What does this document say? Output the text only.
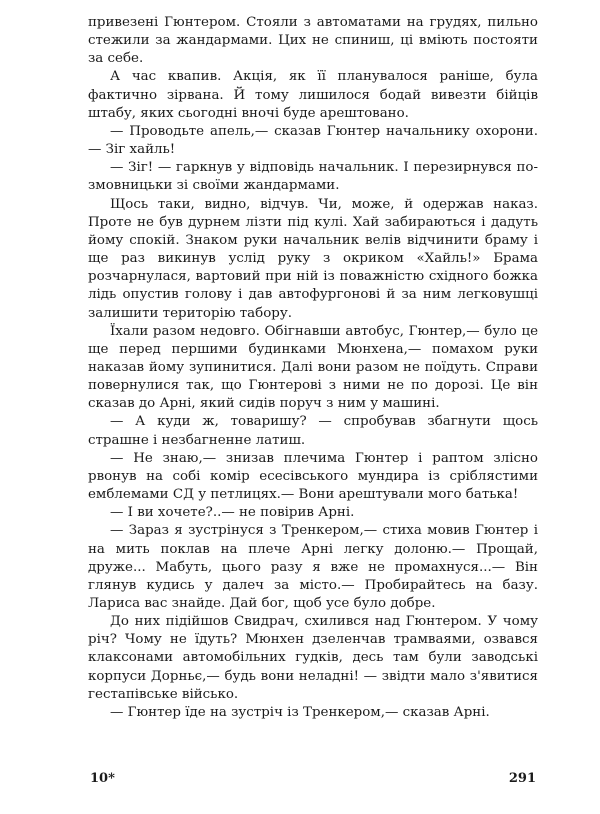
привезені Гюнтером. Стояли з автоматами на грудях, пильно стежили за жандармами. Цих не спиниш, ці вміють постояти за себе.

А час квапив. Акція, як її планувалося раніше, була фактично зірвана. Й тому лишилося бодай вивезти бійців штабу, яких сьогодні вночі буде арештовано.

— Проводьте апель,— сказав Гюнтер начальнику охорони.— Зіг хайль!

— Зіг! — гаркнув у відповідь начальник. І перезирнувся по-змовницьки зі своїми жандармами.

Щось таки, видно, відчув. Чи, може, й одержав наказ. Проте не був дурнем лізти під кулі. Хай забираються і дадуть йому спокій. Знаком руки начальник велів відчинити браму і ще раз викинув услід руку з окриком «Хайль!» Брама розчарнулася, вартовий при ній із поважністю східного божка лідь опустив голову і дав автофургонові й за ним легковушці залишити територію табору.

Їхали разом недовго. Обігнавши автобус, Гюнтер,— було це ще перед першими будинками Мюнхена,— помахом руки наказав йому зупинитися. Далі вони разом не поїдуть. Справи повернулися так, що Гюнтерові з ними не по дорозі. Це він сказав до Арні, який сидів поруч з ним у машині.

— А куди ж, товаришу? — спробував збагнути щось страшне і незбагненне латиш.

— Не знаю,— знизав плечима Гюнтер і раптом злісно рвонув на собі комір есесівського мундира із сріблястими емблемами СД у петлицях.— Вони арештували мого батька!

— І ви хочете?..— не повірив Арні.

— Зараз я зустрінуся з Тренкером,— стиха мовив Гюнтер і на мить поклав на плече Арні легку долоню.— Прощай, друже... Мабуть, цього разу я вже не промахнуся...— Він глянув кудись у далеч за місто.— Пробирайтесь на базу. Лариса вас знайде. Дай бог, щоб усе було добре.

До них підійшов Свидрач, схилився над Гюнтером. У чому річ? Чому не їдуть? Мюнхен дзеленчав трамваями, озвався клаксонами автомобільних гудків, десь там були заводські корпуси Дорньє,— будь вони неладні! — звідти мало з'явитися гестапівське військо.

— Гюнтер їде на зустріч із Тренкером,— сказав Арні.

10*	291
